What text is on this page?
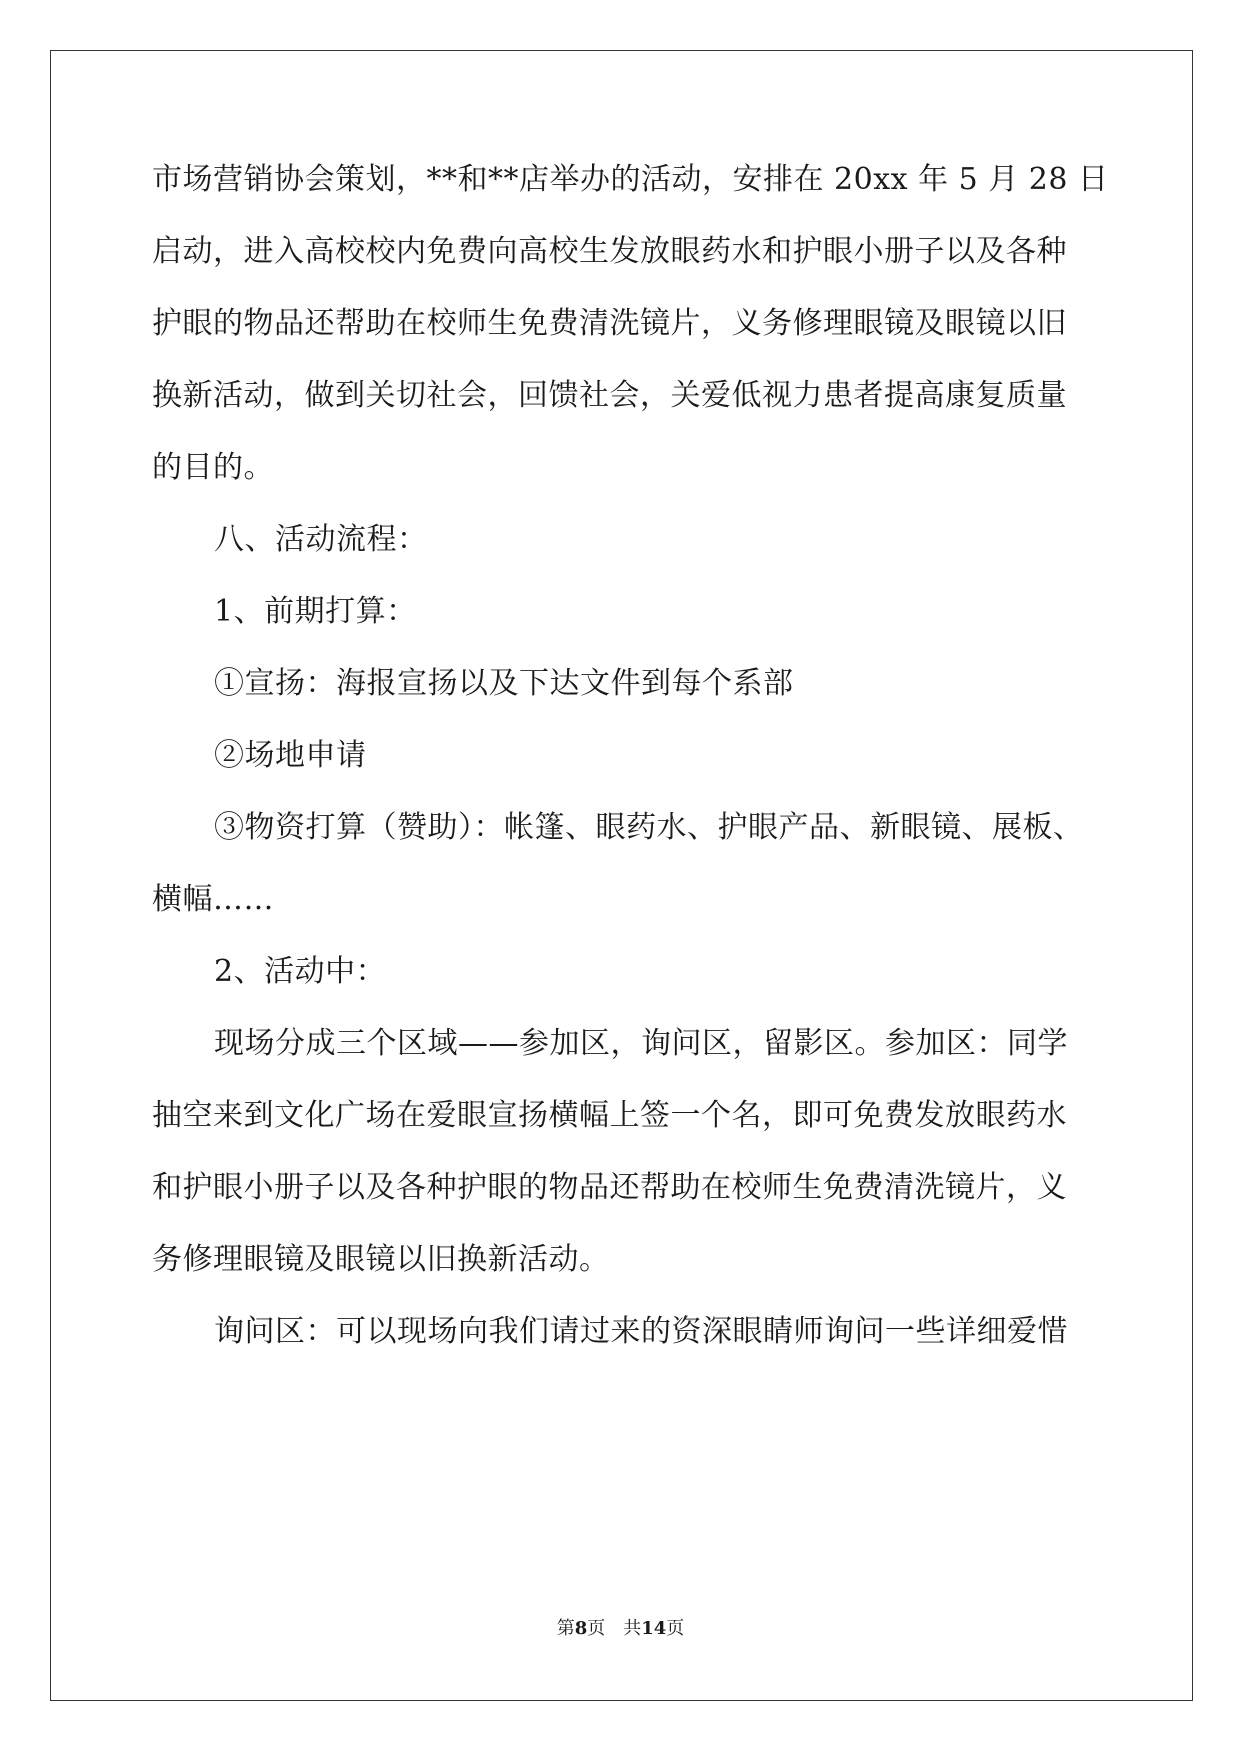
市场营销协会策划，**和**店举办的活动，安排在 20xx 年 5 月 28 日
启动，进入高校校内免费向高校生发放眼药水和护眼小册子以及各种
护眼的物品还帮助在校师生免费清洗镜片，义务修理眼镜及眼镜以旧
换新活动，做到关切社会，回馈社会，关爱低视力患者提高康复质量
的目的。
八、活动流程：
1、前期打算：
①宣扬：海报宣扬以及下达文件到每个系部
②场地申请
③物资打算（赞助）：帐篷、眼药水、护眼产品、新眼镜、展板、
横幅……
2、活动中：
现场分成三个区域——参加区，询问区，留影区。参加区：同学
抽空来到文化广场在爱眼宣扬横幅上签一个名，即可免费发放眼药水
和护眼小册子以及各种护眼的物品还帮助在校师生免费清洗镜片，义
务修理眼镜及眼镜以旧换新活动。
询问区：可以现场向我们请过来的资深眼睛师询问一些详细爱惜
第8页 共14页
